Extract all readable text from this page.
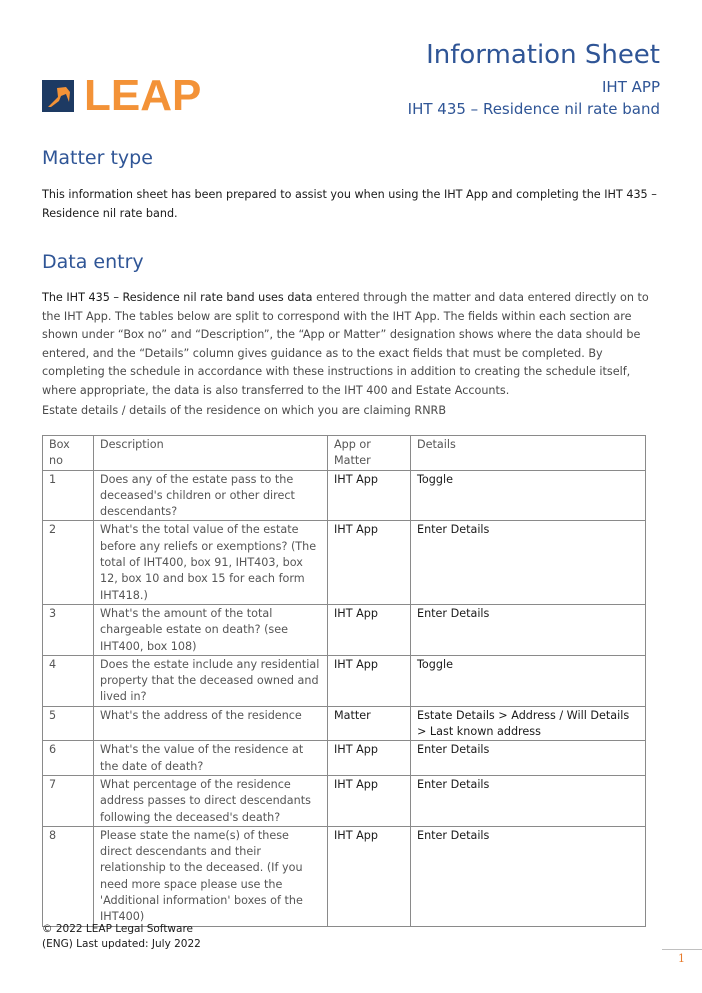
LEAP
Information Sheet
IHT APP
IHT 435 – Residence nil rate band
Matter type
This information sheet has been prepared to assist you when using the IHT App and completing the IHT 435 – Residence nil rate band.
Data entry
The IHT 435 – Residence nil rate band uses data entered through the matter and data entered directly on to the IHT App. The tables below are split to correspond with the IHT App. The fields within each section are shown under “Box no” and “Description”, the “App or Matter” designation shows where the data should be entered, and the “Details” column gives guidance as to the exact fields that must be completed. By completing the schedule in accordance with these instructions in addition to creating the schedule itself, where appropriate, the data is also transferred to the IHT 400 and Estate Accounts.
Estate details / details of the residence on which you are claiming RNRB
Box no	Description	App or Matter	Details
1	Does any of the estate pass to the deceased's children or other direct descendants?	IHT App	Toggle
2	What's the total value of the estate before any reliefs or exemptions? (The total of IHT400, box 91, IHT403, box 12, box 10 and box 15 for each form IHT418.)	IHT App	Enter Details
3	What's the amount of the total chargeable estate on death? (see IHT400, box 108)	IHT App	Enter Details
4	Does the estate include any residential property that the deceased owned and lived in?	IHT App	Toggle
5	What's the address of the residence	Matter	Estate Details > Address / Will Details > Last known address
6	What's the value of the residence at the date of death?	IHT App	Enter Details
7	What percentage of the residence address passes to direct descendants following the deceased's death?	IHT App	Enter Details
8	Please state the name(s) of these direct descendants and their relationship to the deceased. (If you need more space please use the 'Additional information' boxes of the IHT400)	IHT App	Enter Details
© 2022 LEAP Legal Software
(ENG) Last updated: July 2022
1
